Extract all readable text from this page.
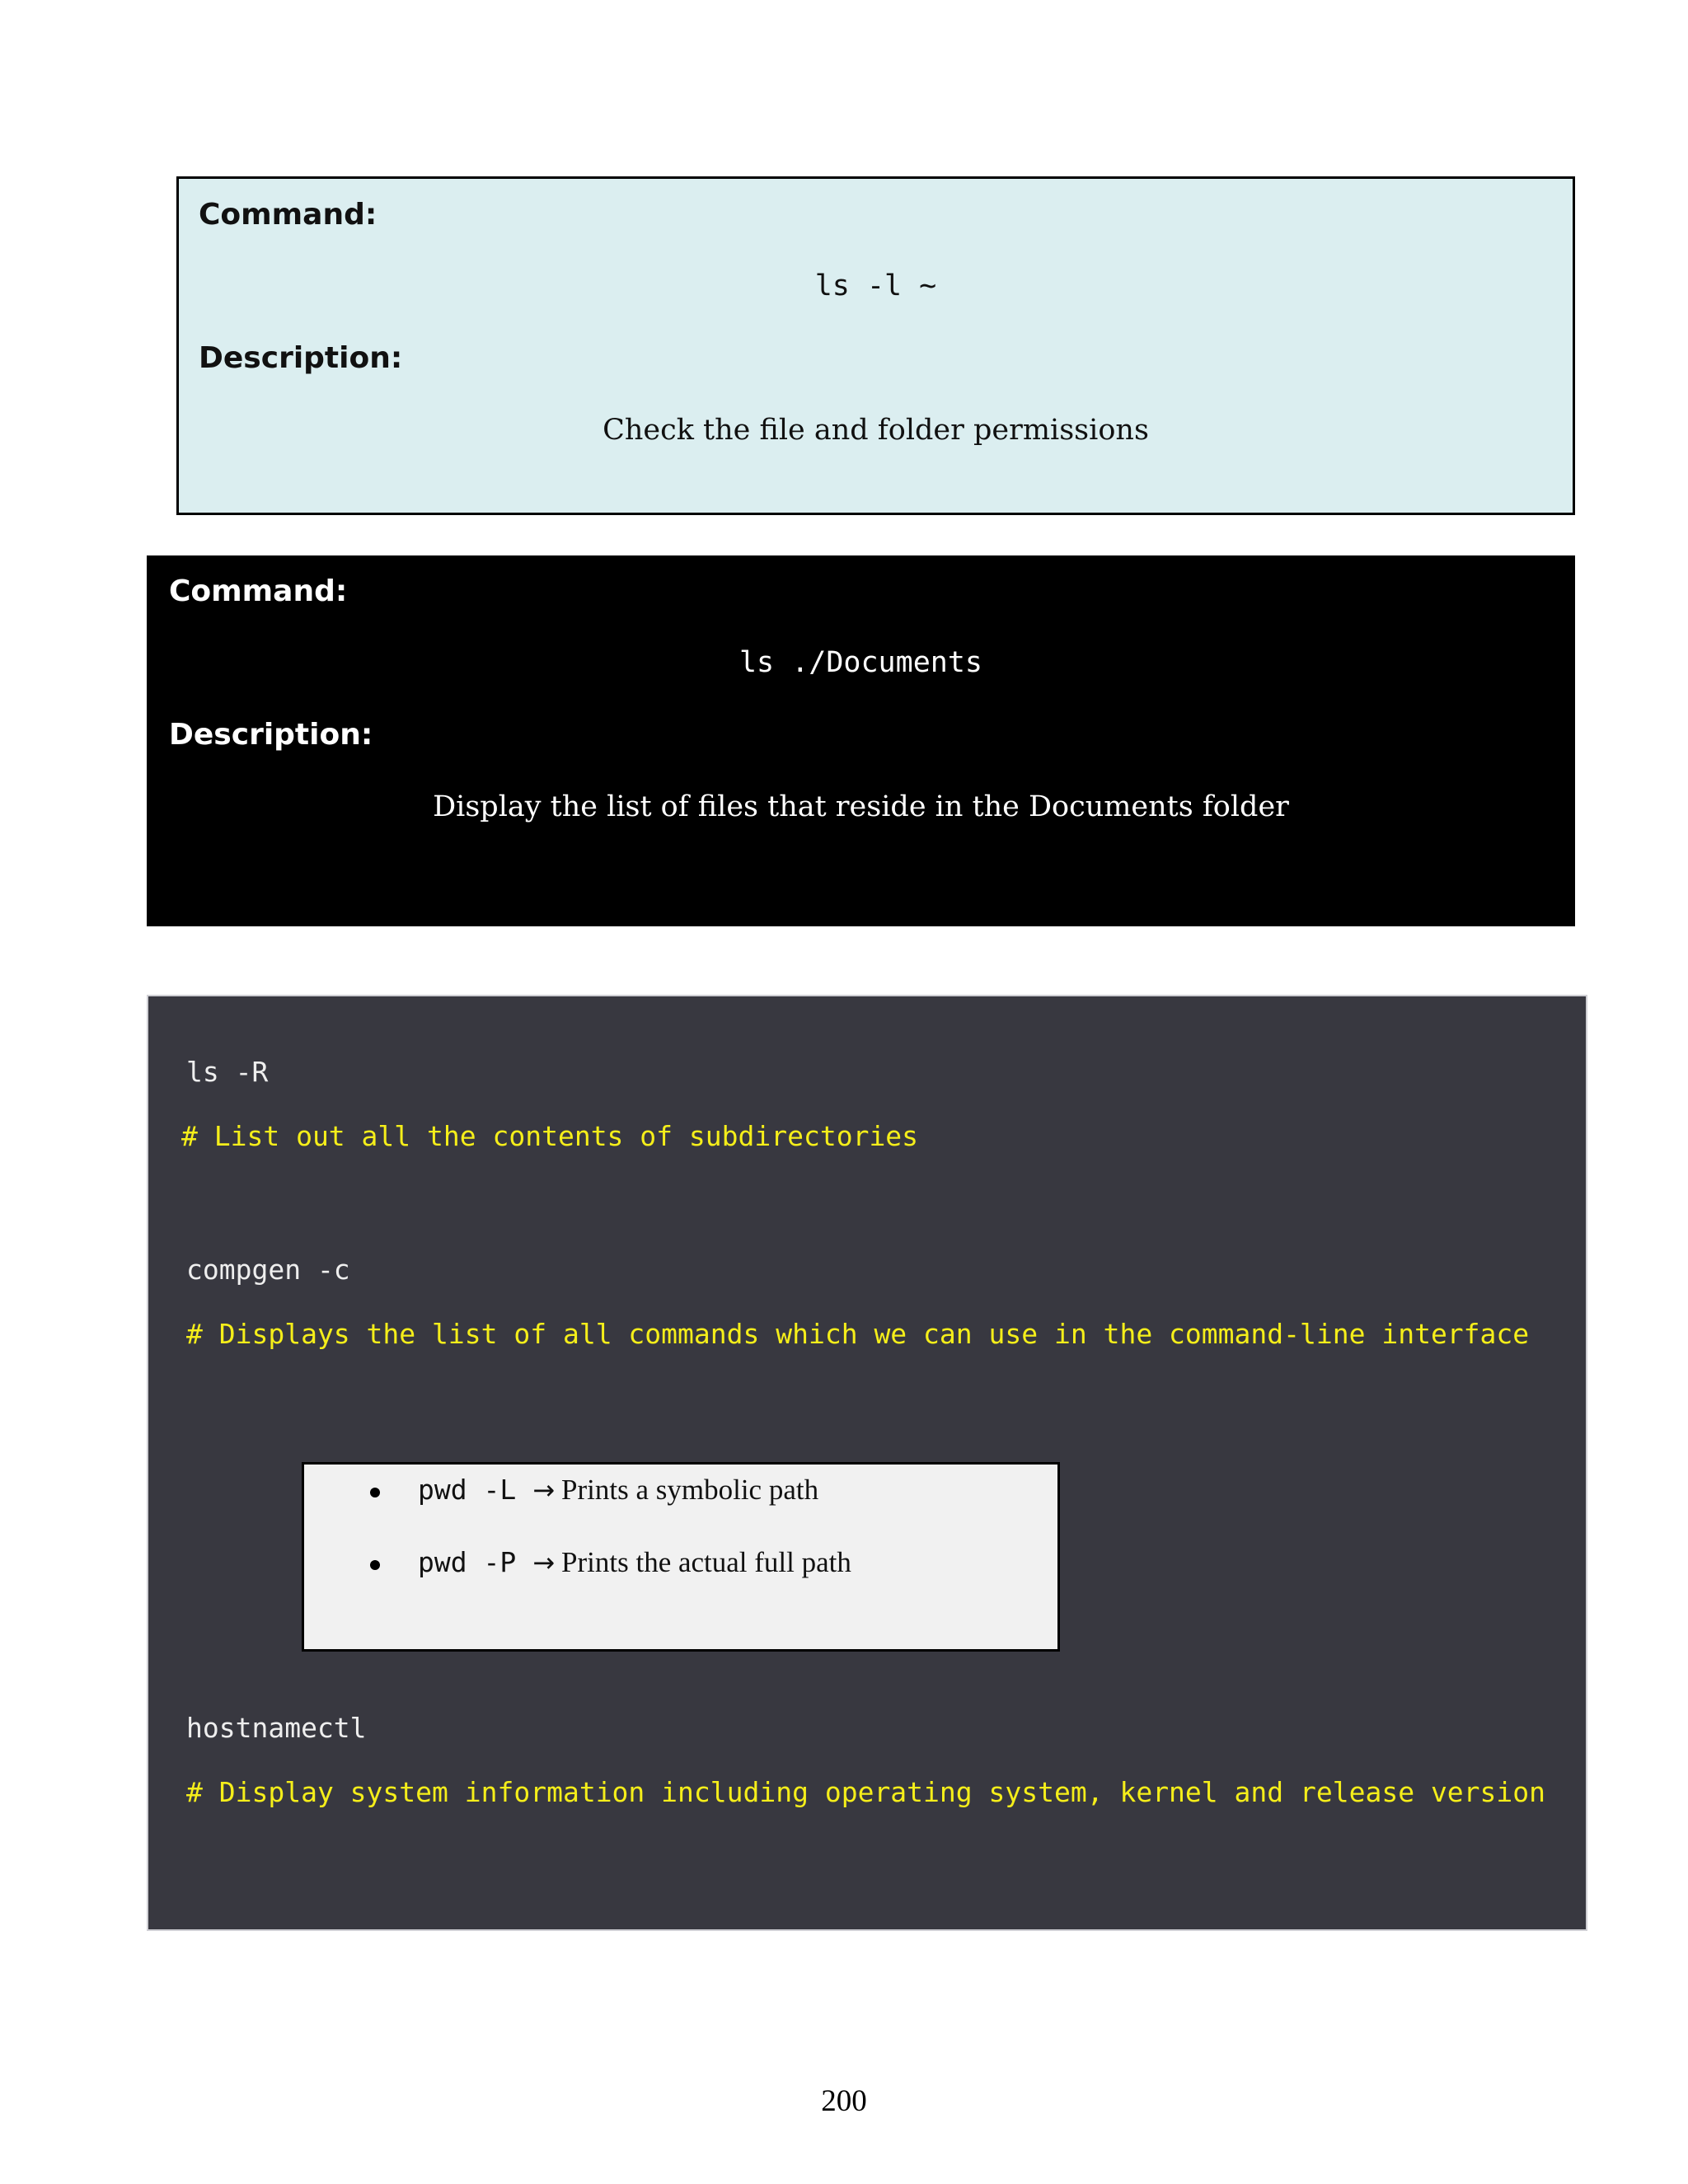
Command:
ls -l ~
Description:
Check the file and folder permissions
Command:
ls ./Documents
Description:
Display the list of files that reside in the Documents folder
ls -R
# List out all the contents of subdirectories
compgen -c
# Displays the list of all commands which we can use in the command-line interface
pwd -L → Prints a symbolic path
pwd -P → Prints the actual full path
hostnamectl
# Display system information including operating system, kernel and release version
200
